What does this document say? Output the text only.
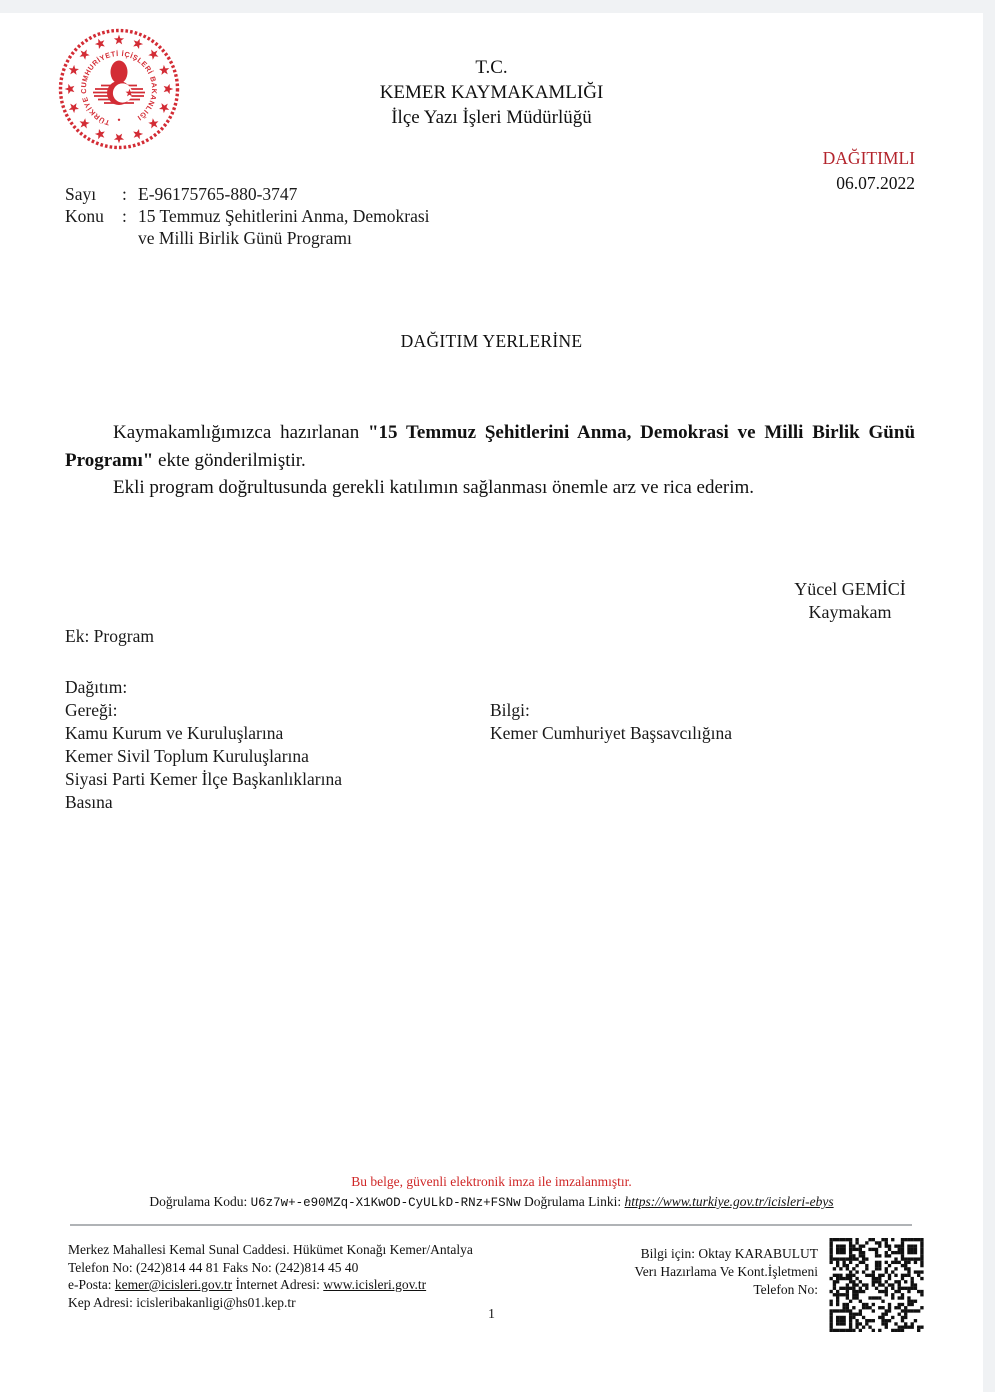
TÜRKİYE CUMHURİYETİ İÇİŞLERİ BAKANLIĞI
T.C.
KEMER KAYMAKAMLIĞI
İlçe Yazı İşleri Müdürlüğü
DAĞITIMLI
06.07.2022
Sayı	: E-96175765-880-3747
Konu	: 15 Temmuz Şehitlerini Anma, Demokrasi
ve Milli Birlik Günü Programı
DAĞITIM YERLERİNE

Kaymakamlığımızca hazırlanan "15 Temmuz Şehitlerini Anma, Demokrasi ve Milli Birlik Günü Programı" ekte gönderilmiştir.

Ekli program doğrultusunda gerekli katılımın sağlanması önemle arz ve rica ederim.

Yücel GEMİCİ
Kaymakam
Ek: Program
Dağıtım:
Gereği:
Kamu Kurum ve Kuruluşlarına
Kemer Sivil Toplum Kuruluşlarına
Siyasi Parti Kemer İlçe Başkanlıklarına
Basına
Bilgi:
Kemer Cumhuriyet Başsavcılığına
Bu belge, güvenli elektronik imza ile imzalanmıştır.
Doğrulama Kodu: U6z7w+-e90MZq-X1KwOD-CyULkD-RNz+FSNw Doğrulama Linki: https://www.turkiye.gov.tr/icisleri-ebys
Merkez Mahallesi Kemal Sunal Caddesi. Hükümet Konağı Kemer/Antalya
Telefon No: (242)814 44 81 Faks No: (242)814 45 40
e-Posta: kemer@icisleri.gov.tr İnternet Adresi: www.icisleri.gov.tr
Kep Adresi: icisleribakanligi@hs01.kep.tr
Bilgi için: Oktay KARABULUT
Verı Hazırlama Ve Kont.İşletmeni
Telefon No:
1
